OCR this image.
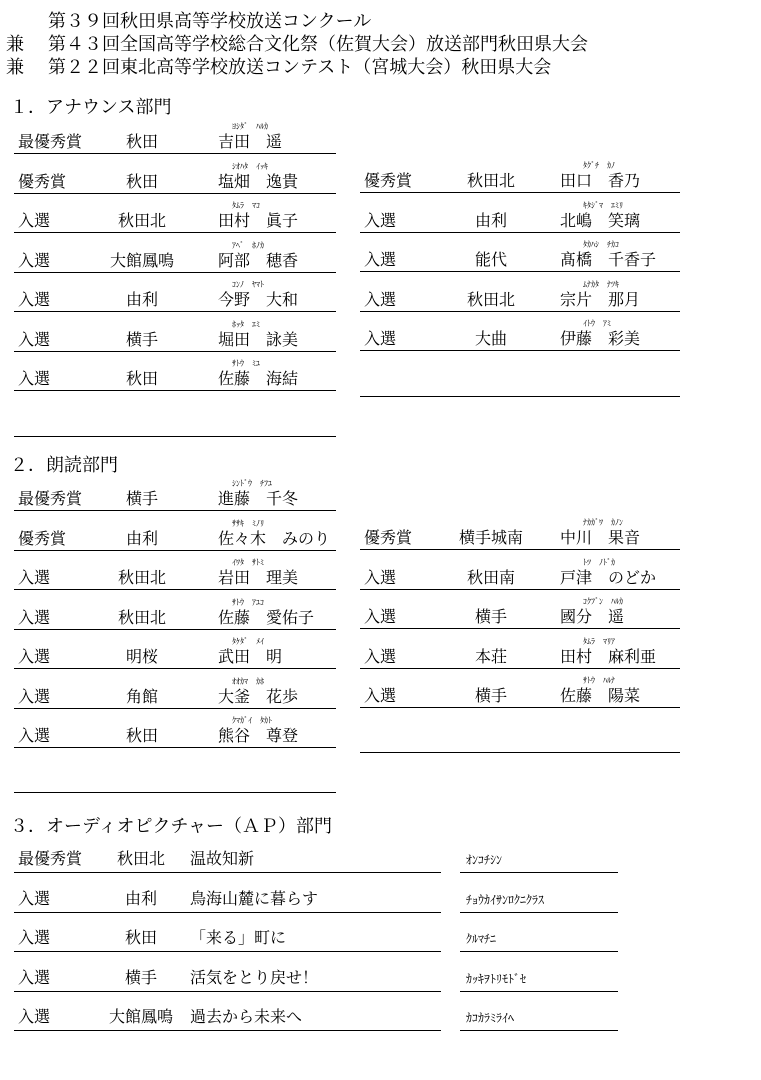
第３９回秋田県高等学校放送コンクール
兼 第４３回全国高等学校総合文化祭（佐賀大会）放送部門秋田県大会
兼 第２２回東北高等学校放送コンテスト（宮城大会）秋田県大会
１．アナウンス部門
ﾖｼﾀﾞ　ﾊﾙｶ
最優秀賞	秋田	吉田　遥
ｼｵﾊﾀ　ｲｯｷ
優秀賞	秋田	塩畑　逸貴
ﾀﾑﾗ　ﾏｺ
入選	秋田北	田村　眞子
ｱﾍﾞ　ﾎﾉｶ
入選	大館鳳鳴	阿部　穂香
ｺﾝﾉ　ﾔﾏﾄ
入選	由利	今野　大和
ﾎｯﾀ　ｴﾐ
入選	横手	堀田　詠美
ｻﾄｳ　ﾐﾕ
入選	秋田	佐藤　海結
ﾀｸﾞﾁ　ｶﾉ
優秀賞	秋田北	田口　香乃
ｷﾀｼﾞﾏ　ｴﾐﾘ
入選	由利	北嶋　笑璃
ﾀｶﾊｼ　ﾁｶｺ
入選	能代	髙橋　千香子
ﾑﾅｶﾀ　ﾅﾂｷ
入選	秋田北	宗片　那月
ｲﾄｳ　ｱﾐ
入選	大曲	伊藤　彩美
２．朗読部門
ｼﾝﾄﾞｳ　ﾁﾌﾕ
最優秀賞	横手	進藤　千冬
ｻｻｷ　ﾐﾉﾘ
優秀賞	由利	佐々木　みのり
ｲﾜﾀ　ｻﾄﾐ
入選	秋田北	岩田　理美
ｻﾄｳ　ｱﾕｺ
入選	秋田北	佐藤　愛佑子
ﾀｹﾀﾞ　ﾒｲ
入選	明桜	武田　明
ｵｵｶﾏ　ｶﾎ
入選	角館	大釜　花歩
ｸﾏｶﾞｲ　ﾀｶﾄ
入選	秋田	熊谷　尊登
ﾅｶｶﾞﾜ　ｶﾉﾝ
優秀賞	横手城南	中川　果音
ﾄﾂ　ﾉﾄﾞｶ
入選	秋田南	戸津　のどか
ｺｸﾌﾞﾝ　ﾊﾙｶ
入選	横手	國分　遥
ﾀﾑﾗ　ﾏﾘｱ
入選	本荘	田村　麻利亜
ｻﾄｳ　ﾊﾙﾅ
入選	横手	佐藤　陽菜
３．オーディオピクチャー（ＡＰ）部門
最優秀賞	秋田北	温故知新	ｵﾝｺﾁｼﾝ
入選	由利	鳥海山麓に暮らす	ﾁｮｳｶｲｻﾝﾛｸﾆｸﾗｽ
入選	秋田	「来る」町に	ｸﾙﾏﾁﾆ
入選	横手	活気をとり戻せ！	ｶｯｷｦﾄﾘﾓﾄﾞｾ
入選	大館鳳鳴 過去から未来へ	ｶｺｶﾗﾐﾗｲﾍ
